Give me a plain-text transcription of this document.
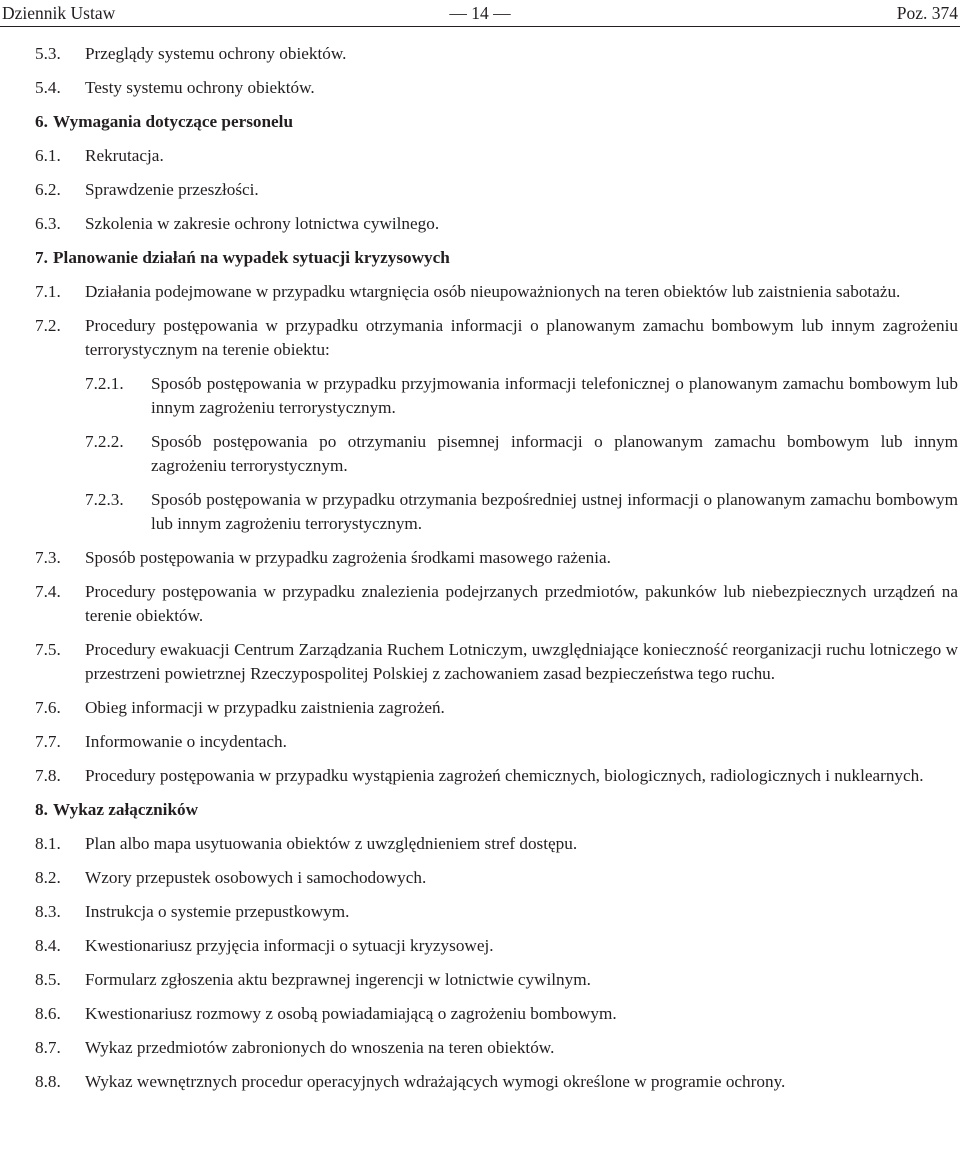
Dziennik Ustaw	— 14 —	Poz. 374
5.3.	Przeglądy systemu ochrony obiektów.
5.4.	Testy systemu ochrony obiektów.
6. Wymagania dotyczące personelu
6.1.	Rekrutacja.
6.2.	Sprawdzenie przeszłości.
6.3.	Szkolenia w zakresie ochrony lotnictwa cywilnego.
7. Planowanie działań na wypadek sytuacji kryzysowych
7.1.	Działania podejmowane w przypadku wtargnięcia osób nieupoważnionych na teren obiektów lub zaistnienia sabotażu.
7.2.	Procedury postępowania w przypadku otrzymania informacji o planowanym zamachu bombowym lub innym zagrożeniu terrorystycznym na terenie obiektu:
7.2.1.	Sposób postępowania w przypadku przyjmowania informacji telefonicznej o planowanym zamachu bombowym lub innym zagrożeniu terrorystycznym.
7.2.2.	Sposób postępowania po otrzymaniu pisemnej informacji o planowanym zamachu bombowym lub innym zagrożeniu terrorystycznym.
7.2.3.	Sposób postępowania w przypadku otrzymania bezpośredniej ustnej informacji o planowanym zamachu bombowym lub innym zagrożeniu terrorystycznym.
7.3.	Sposób postępowania w przypadku zagrożenia środkami masowego rażenia.
7.4.	Procedury postępowania w przypadku znalezienia podejrzanych przedmiotów, pakunków lub niebezpiecznych urządzeń na terenie obiektów.
7.5.	Procedury ewakuacji Centrum Zarządzania Ruchem Lotniczym, uwzględniające konieczność reorganizacji ruchu lotniczego w przestrzeni powietrznej Rzeczypospolitej Polskiej z zachowaniem zasad bezpieczeństwa tego ruchu.
7.6.	Obieg informacji w przypadku zaistnienia zagrożeń.
7.7.	Informowanie o incydentach.
7.8.	Procedury postępowania w przypadku wystąpienia zagrożeń chemicznych, biologicznych, radiologicznych i nuklearnych.
8. Wykaz załączników
8.1.	Plan albo mapa usytuowania obiektów z uwzględnieniem stref dostępu.
8.2.	Wzory przepustek osobowych i samochodowych.
8.3.	Instrukcja o systemie przepustkowym.
8.4.	Kwestionariusz przyjęcia informacji o sytuacji kryzysowej.
8.5.	Formularz zgłoszenia aktu bezprawnej ingerencji w lotnictwie cywilnym.
8.6.	Kwestionariusz rozmowy z osobą powiadamiającą o zagrożeniu bombowym.
8.7.	Wykaz przedmiotów zabronionych do wnoszenia na teren obiektów.
8.8.	Wykaz wewnętrznych procedur operacyjnych wdrażających wymogi określone w programie ochrony.
